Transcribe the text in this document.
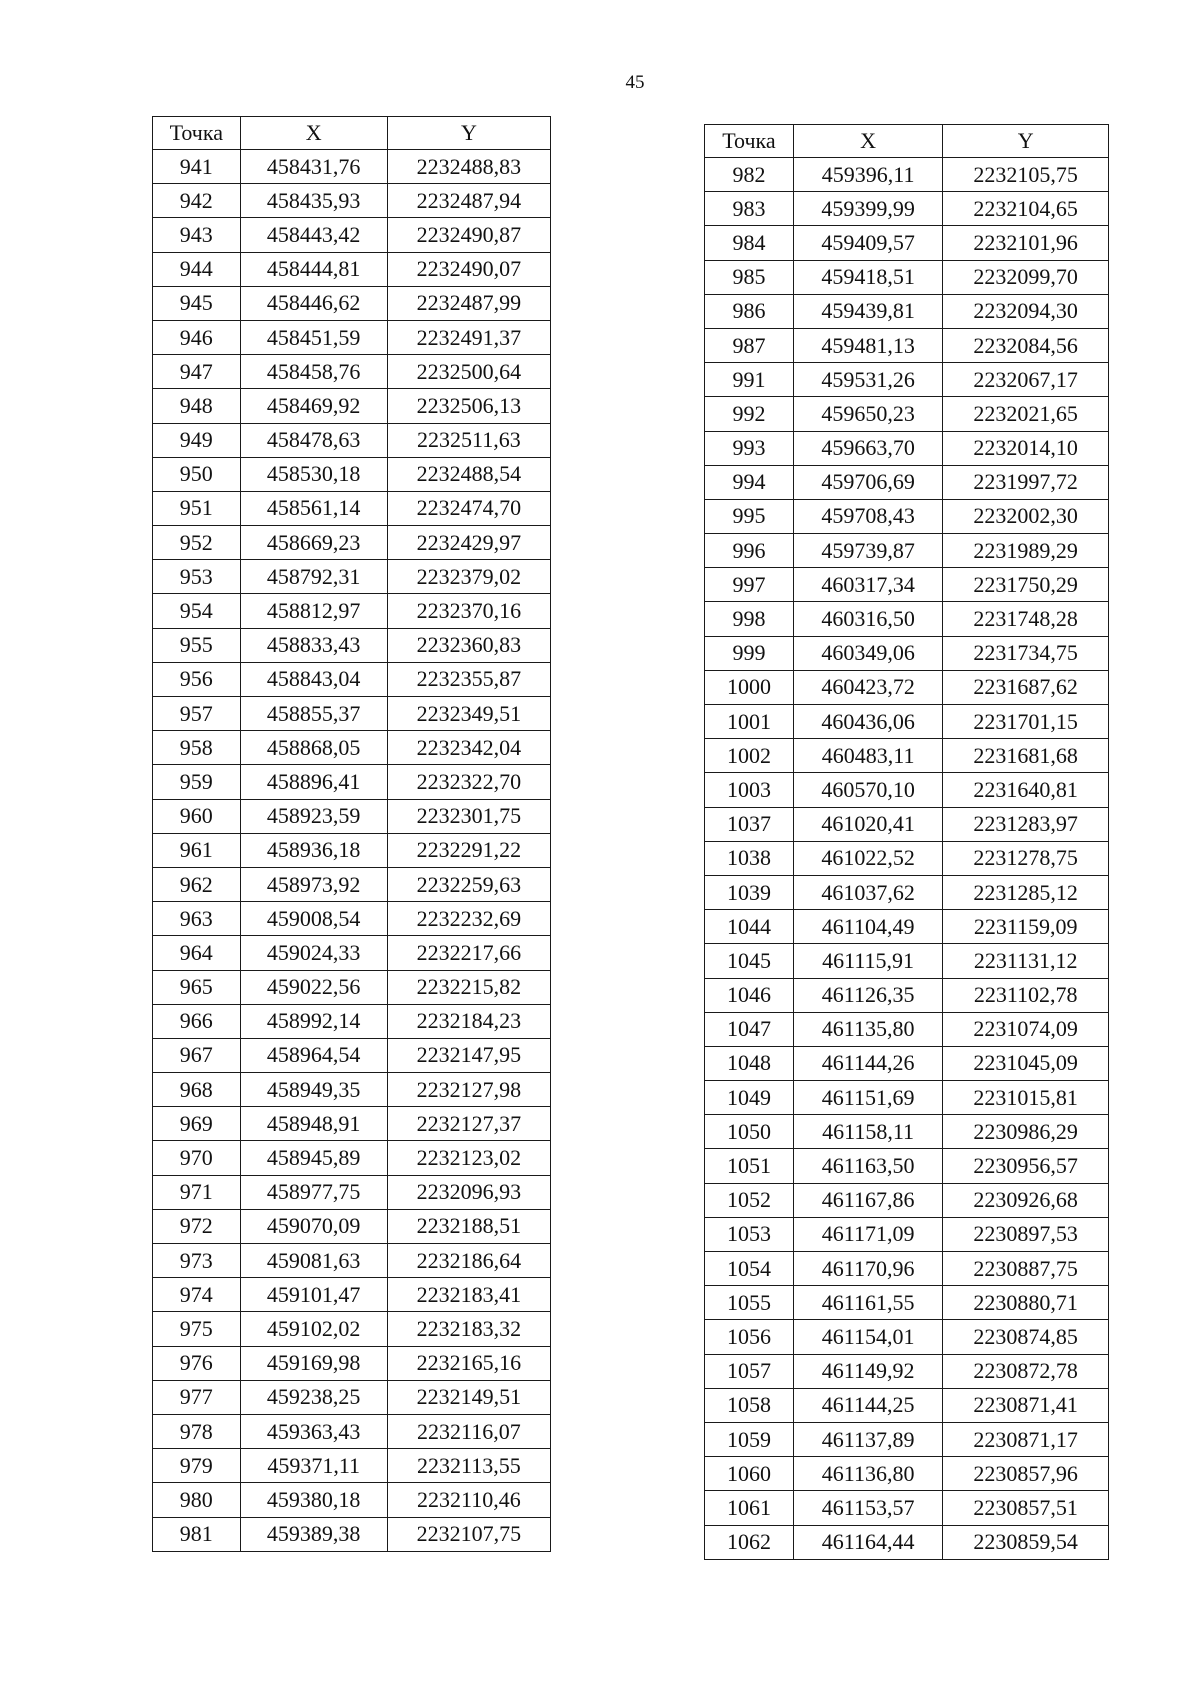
45
Точка	X	Y
941	458431,76	2232488,83
942	458435,93	2232487,94
943	458443,42	2232490,87
944	458444,81	2232490,07
945	458446,62	2232487,99
946	458451,59	2232491,37
947	458458,76	2232500,64
948	458469,92	2232506,13
949	458478,63	2232511,63
950	458530,18	2232488,54
951	458561,14	2232474,70
952	458669,23	2232429,97
953	458792,31	2232379,02
954	458812,97	2232370,16
955	458833,43	2232360,83
956	458843,04	2232355,87
957	458855,37	2232349,51
958	458868,05	2232342,04
959	458896,41	2232322,70
960	458923,59	2232301,75
961	458936,18	2232291,22
962	458973,92	2232259,63
963	459008,54	2232232,69
964	459024,33	2232217,66
965	459022,56	2232215,82
966	458992,14	2232184,23
967	458964,54	2232147,95
968	458949,35	2232127,98
969	458948,91	2232127,37
970	458945,89	2232123,02
971	458977,75	2232096,93
972	459070,09	2232188,51
973	459081,63	2232186,64
974	459101,47	2232183,41
975	459102,02	2232183,32
976	459169,98	2232165,16
977	459238,25	2232149,51
978	459363,43	2232116,07
979	459371,11	2232113,55
980	459380,18	2232110,46
981	459389,38	2232107,75
Точка	X	Y
982	459396,11	2232105,75
983	459399,99	2232104,65
984	459409,57	2232101,96
985	459418,51	2232099,70
986	459439,81	2232094,30
987	459481,13	2232084,56
991	459531,26	2232067,17
992	459650,23	2232021,65
993	459663,70	2232014,10
994	459706,69	2231997,72
995	459708,43	2232002,30
996	459739,87	2231989,29
997	460317,34	2231750,29
998	460316,50	2231748,28
999	460349,06	2231734,75
1000	460423,72	2231687,62
1001	460436,06	2231701,15
1002	460483,11	2231681,68
1003	460570,10	2231640,81
1037	461020,41	2231283,97
1038	461022,52	2231278,75
1039	461037,62	2231285,12
1044	461104,49	2231159,09
1045	461115,91	2231131,12
1046	461126,35	2231102,78
1047	461135,80	2231074,09
1048	461144,26	2231045,09
1049	461151,69	2231015,81
1050	461158,11	2230986,29
1051	461163,50	2230956,57
1052	461167,86	2230926,68
1053	461171,09	2230897,53
1054	461170,96	2230887,75
1055	461161,55	2230880,71
1056	461154,01	2230874,85
1057	461149,92	2230872,78
1058	461144,25	2230871,41
1059	461137,89	2230871,17
1060	461136,80	2230857,96
1061	461153,57	2230857,51
1062	461164,44	2230859,54
